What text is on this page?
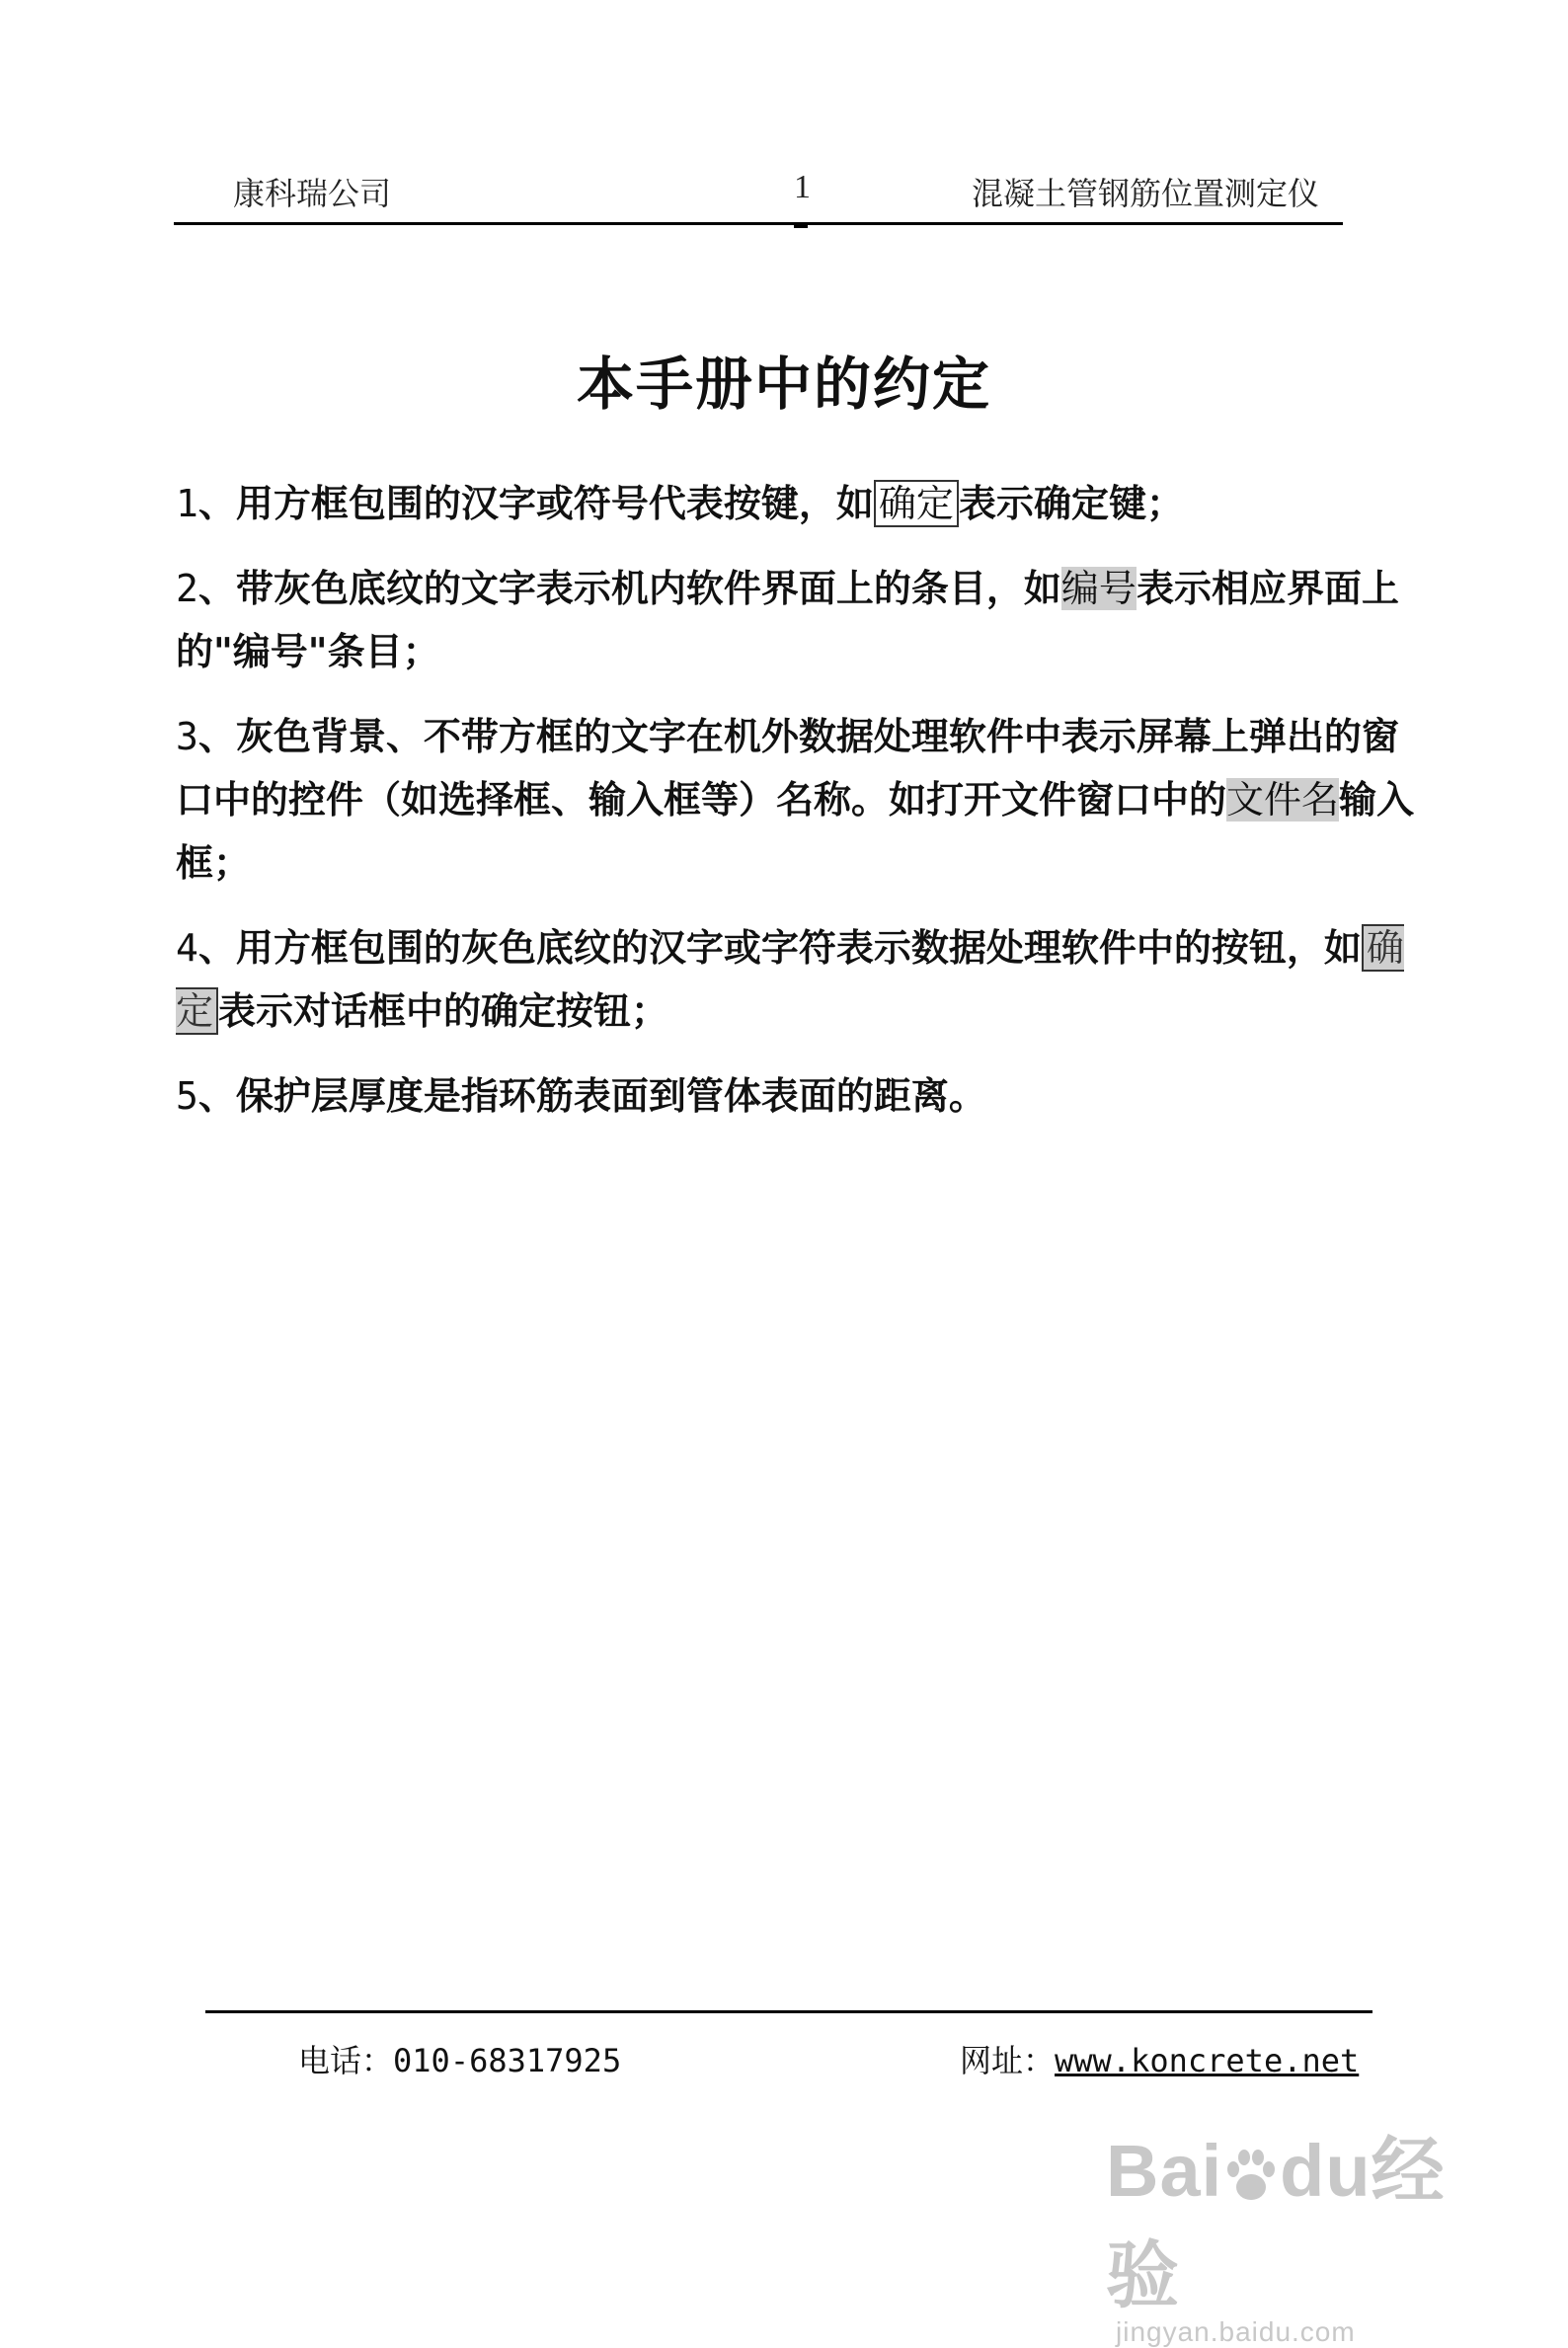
康科瑞公司	1	混凝土管钢筋位置测定仪
本手册中的约定
1、用方框包围的汉字或符号代表按键，如 确定 表示确定键；
2、带灰色底纹的文字表示机内软件界面上的条目，如编号表示相应界面上的"编号"条目；
3、灰色背景、不带方框的文字在机外数据处理软件中表示屏幕上弹出的窗口中的控件（如选择框、输入框等）名称。如打开文件窗口中的文件名输入框；
4、用方框包围的灰色底纹的汉字或字符表示数据处理软件中的按钮，如 确定 表示对话框中的确定按钮；
5、保护层厚度是指环筋表面到管体表面的距离。
电话：010-68317925	网址：www.koncrete.net
Bai du经验
jingyan.baidu.com
